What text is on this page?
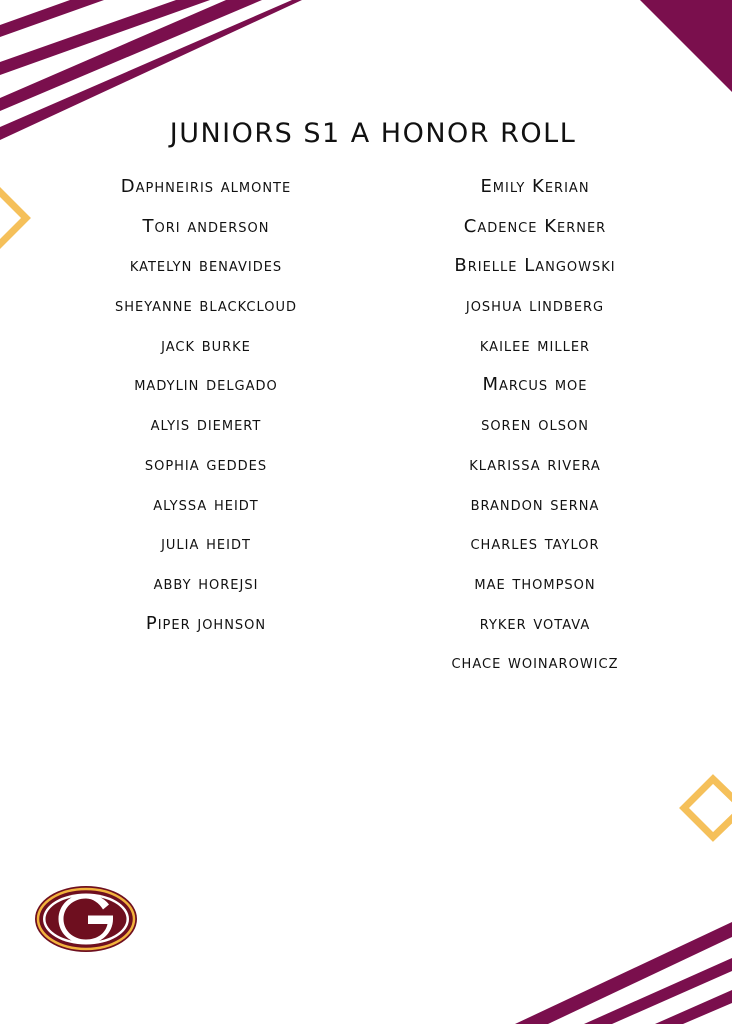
JUNIORS S1 A HONOR ROLL
Daphneiris almonte
Tori anderson
katelyn benavides
sheyanne blackcloud
jack burke
madylin delgado
alyis diemert
sophia geddes
alyssa heidt
julia heidt
abby horejsi
Piper johnson
Emily Kerian
Cadence Kerner
Brielle Langowski
joshua lindberg
kailee miller
Marcus moe
soren olson
klarissa rivera
brandon serna
charles taylor
mae thompson
ryker votava
chace woinarowicz
